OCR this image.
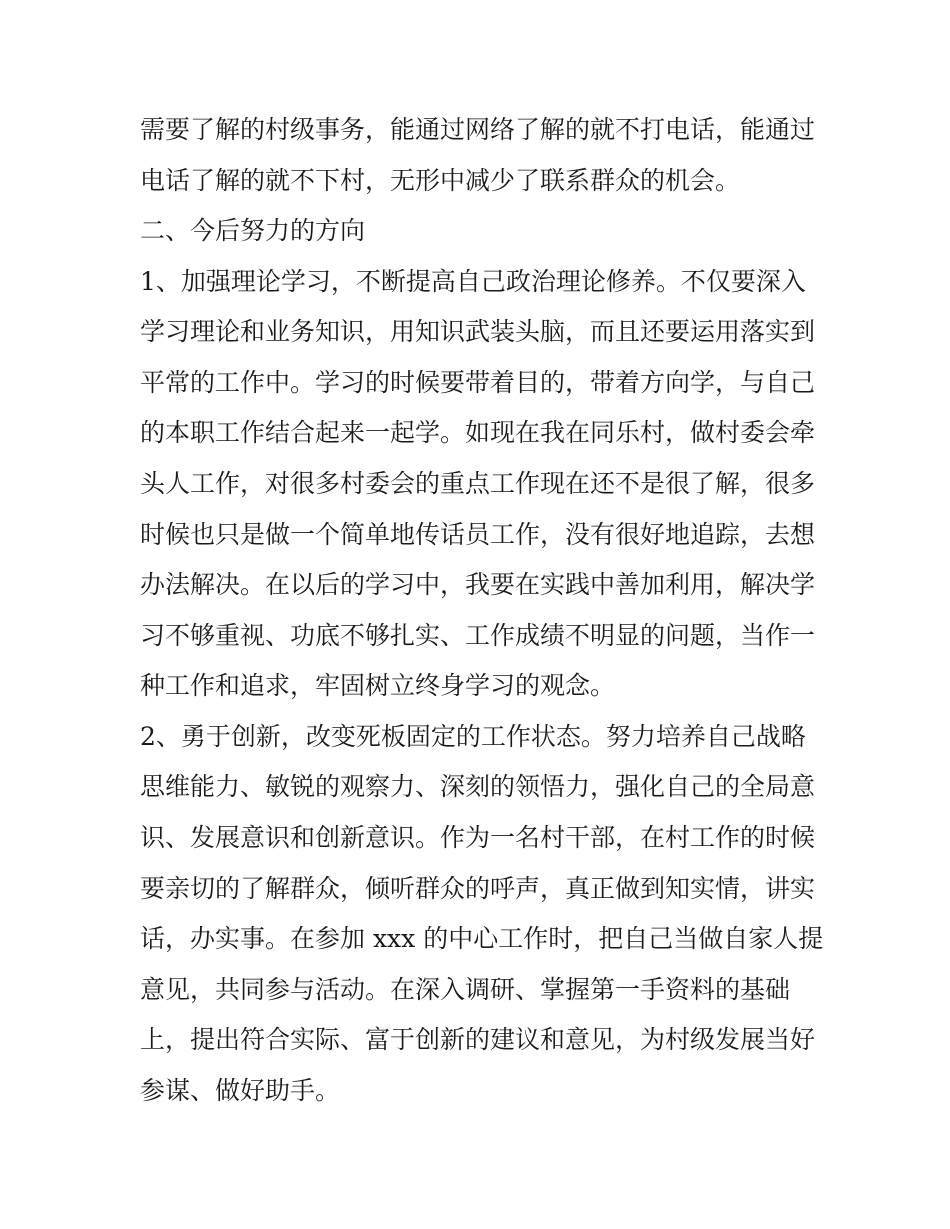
需要了解的村级事务，能通过网络了解的就不打电话，能通过

电话了解的就不下村，无形中减少了联系群众的机会。

二、今后努力的方向

1、加强理论学习，不断提高自己政治理论修养。不仅要深入

学习理论和业务知识，用知识武装头脑，而且还要运用落实到

平常的工作中。学习的时候要带着目的，带着方向学，与自己

的本职工作结合起来一起学。如现在我在同乐村，做村委会牵

头人工作，对很多村委会的重点工作现在还不是很了解，很多

时候也只是做一个简单地传话员工作，没有很好地追踪，去想

办法解决。在以后的学习中，我要在实践中善加利用，解决学

习不够重视、功底不够扎实、工作成绩不明显的问题，当作一

种工作和追求，牢固树立终身学习的观念。

2、勇于创新，改变死板固定的工作状态。努力培养自己战略

思维能力、敏锐的观察力、深刻的领悟力，强化自己的全局意

识、发展意识和创新意识。作为一名村干部，在村工作的时候

要亲切的了解群众，倾听群众的呼声，真正做到知实情，讲实

话，办实事。在参加 xxx 的中心工作时，把自己当做自家人提

意见，共同参与活动。在深入调研、掌握第一手资料的基础

上，提出符合实际、富于创新的建议和意见，为村级发展当好

参谋、做好助手。
